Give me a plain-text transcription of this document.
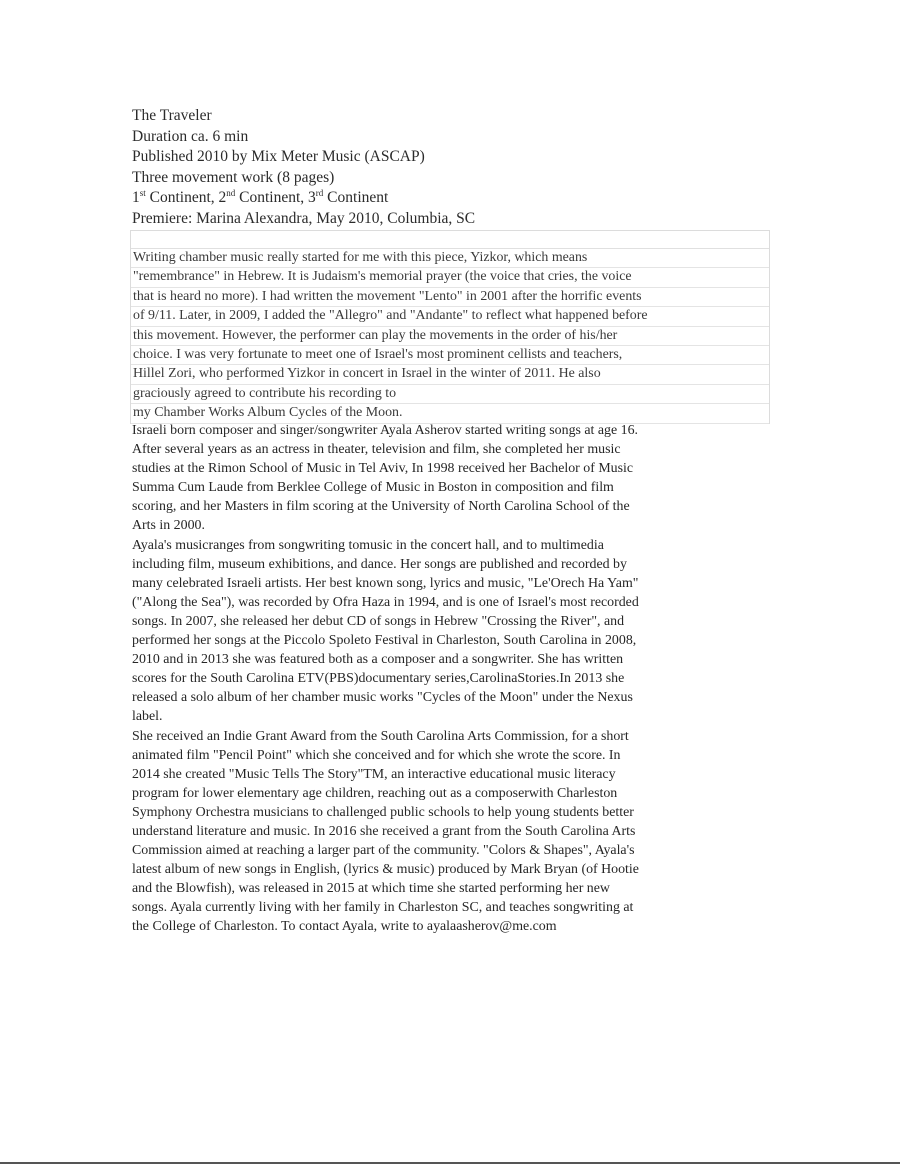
The Traveler
Duration ca. 6 min
Published 2010 by Mix Meter Music (ASCAP)
Three movement work (8 pages)
1st Continent, 2nd Continent, 3rd Continent
Premiere: Marina Alexandra, May 2010, Columbia, SC
Writing chamber music really started for me with this piece, Yizkor, which means
"remembrance" in Hebrew. It is Judaism's memorial prayer (the voice that cries, the voice
that is heard no more). I had written the movement "Lento" in 2001 after the horrific events
of 9/11. Later, in 2009, I added the "Allegro" and "Andante" to reflect what happened before
this movement. However, the performer can play the movements in the order of his/her
choice. I was very fortunate to meet one of Israel's most prominent cellists and teachers,
Hillel Zori, who performed Yizkor in concert in Israel in the winter of 2011. He also
graciously agreed to contribute his recording to
my Chamber Works Album Cycles of the Moon.
Israeli born composer and singer/songwriter Ayala Asherov started writing songs at age 16.
After several years as an actress in theater, television and film, she completed her music
studies at the Rimon School of Music in Tel Aviv, In 1998 received her Bachelor of Music
Summa Cum Laude from Berklee College of Music in Boston in composition and film
scoring, and her Masters in film scoring at the University of North Carolina School of the
Arts in 2000.
Ayala's musicranges from songwriting tomusic in the concert hall, and to multimedia
including film, museum exhibitions, and dance. Her songs are published and recorded by
many celebrated Israeli artists. Her best known song, lyrics and music, "Le'Orech Ha Yam"
("Along the Sea"), was recorded by Ofra Haza in 1994, and is one of Israel's most recorded
songs. In 2007, she released her debut CD of songs in Hebrew "Crossing the River", and
performed her songs at the Piccolo Spoleto Festival in Charleston, South Carolina in 2008,
2010 and in 2013 she was featured both as a composer and a songwriter. She has written
scores for the South Carolina ETV(PBS)documentary series,CarolinaStories.In 2013 she
released a solo album of her chamber music works "Cycles of the Moon" under the Nexus
label.
She received an Indie Grant Award from the South Carolina Arts Commission, for a short
animated film "Pencil Point" which she conceived and for which she wrote the score. In
2014 she created "Music Tells The Story"TM, an interactive educational music literacy
program for lower elementary age children, reaching out as a composerwith Charleston
Symphony Orchestra musicians to challenged public schools to help young students better
understand literature and music. In 2016 she received a grant from the South Carolina Arts
Commission aimed at reaching a larger part of the community. "Colors & Shapes", Ayala's
latest album of new songs in English, (lyrics & music) produced by Mark Bryan (of Hootie
and the Blowfish), was released in 2015 at which time she started performing her new
songs. Ayala currently living with her family in Charleston SC, and teaches songwriting at
the College of Charleston. To contact Ayala, write to ayalaasherov@me.com
